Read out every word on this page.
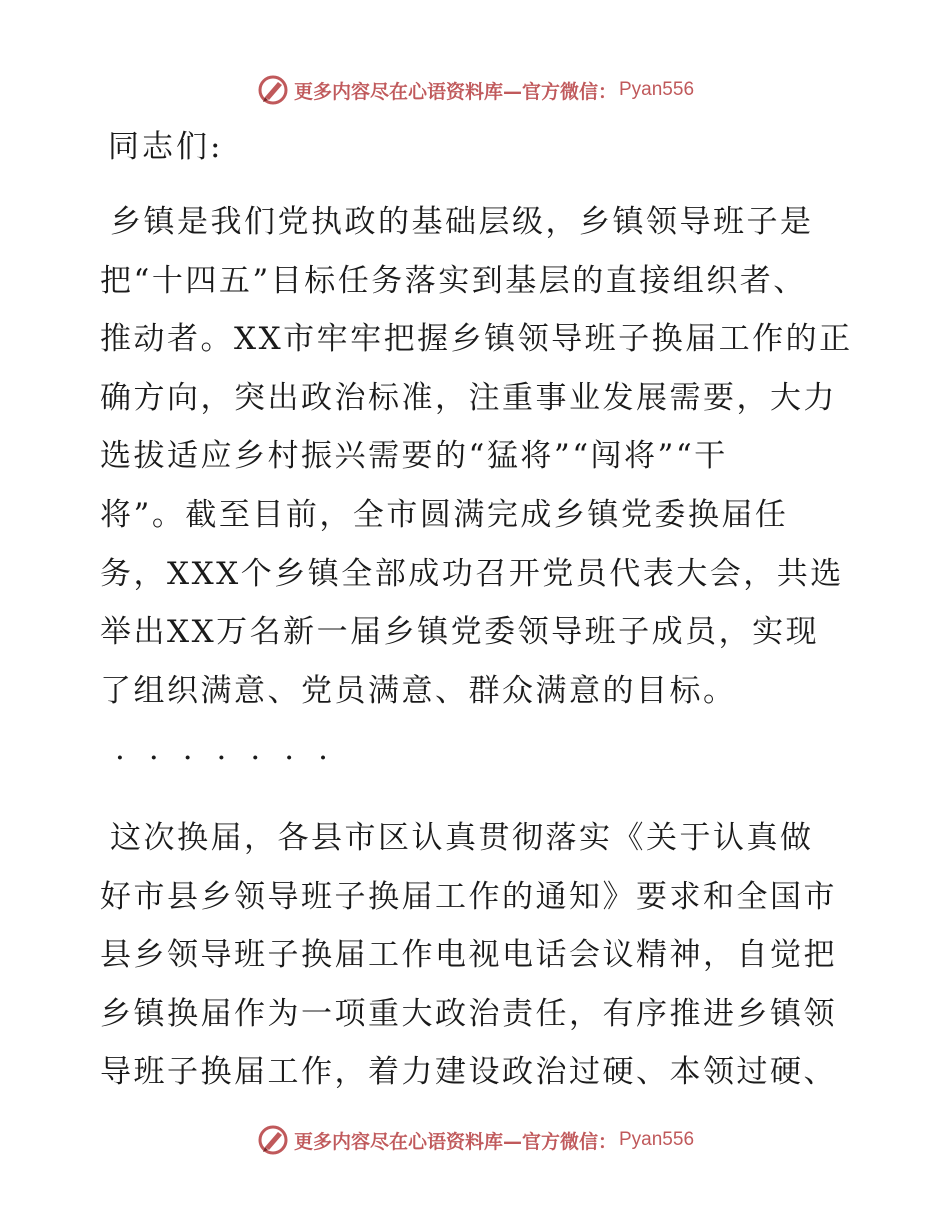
更多内容尽在心语资料库—官方微信： Pyan556
同志们:
乡镇是我们党执政的基础层级，乡镇领导班子是
把“十四五”目标任务落实到基层的直接组织者、
推动者。XX市牢牢把握乡镇领导班子换届工作的正
确方向，突出政治标准，注重事业发展需要，大力
选拔适应乡村振兴需要的“猛将”“闯将”“干
将”。截至目前，全市圆满完成乡镇党委换届任
务，XXX个乡镇全部成功召开党员代表大会，共选
举出XX万名新一届乡镇党委领导班子成员，实现
了组织满意、党员满意、群众满意的目标。
·······
这次换届，各县市区认真贯彻落实《关于认真做
好市县乡领导班子换届工作的通知》要求和全国市
县乡领导班子换届工作电视电话会议精神，自觉把
乡镇换届作为一项重大政治责任，有序推进乡镇领
导班子换届工作，着力建设政治过硬、本领过硬、
更多内容尽在心语资料库—官方微信： Pyan556
